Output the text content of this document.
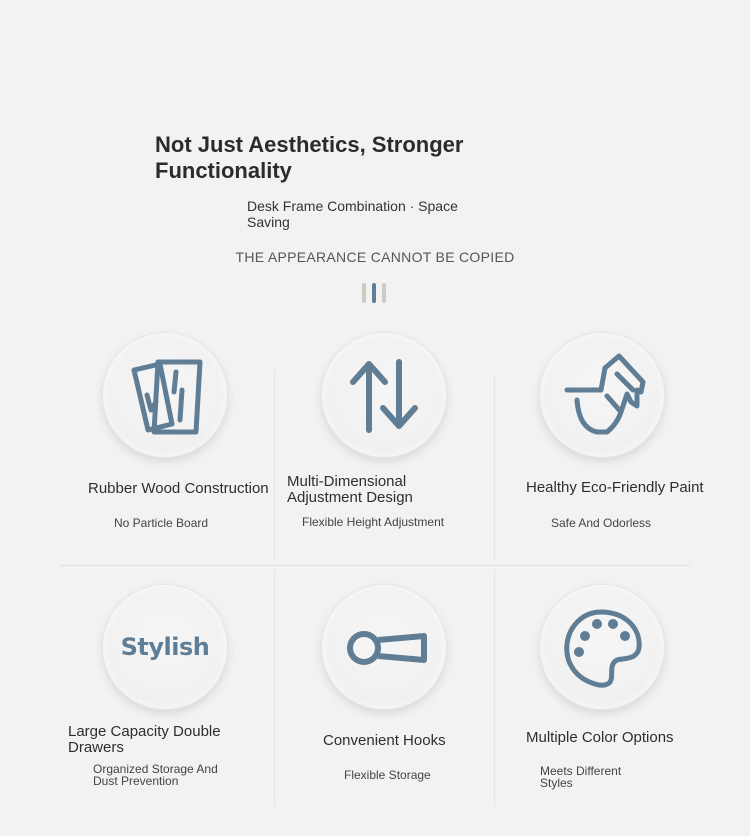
Not Just Aesthetics, Stronger Functionality
Desk Frame Combination · Space Saving
THE APPEARANCE CANNOT BE COPIED
Rubber Wood Construction
No Particle Board
Multi-Dimensional Adjustment Design
Flexible Height Adjustment
Healthy Eco-Friendly Paint
Safe And Odorless
Stylish
Large Capacity Double Drawers
Organized Storage And Dust Prevention
Convenient Hooks
Flexible Storage
Multiple Color Options
Meets Different Styles
